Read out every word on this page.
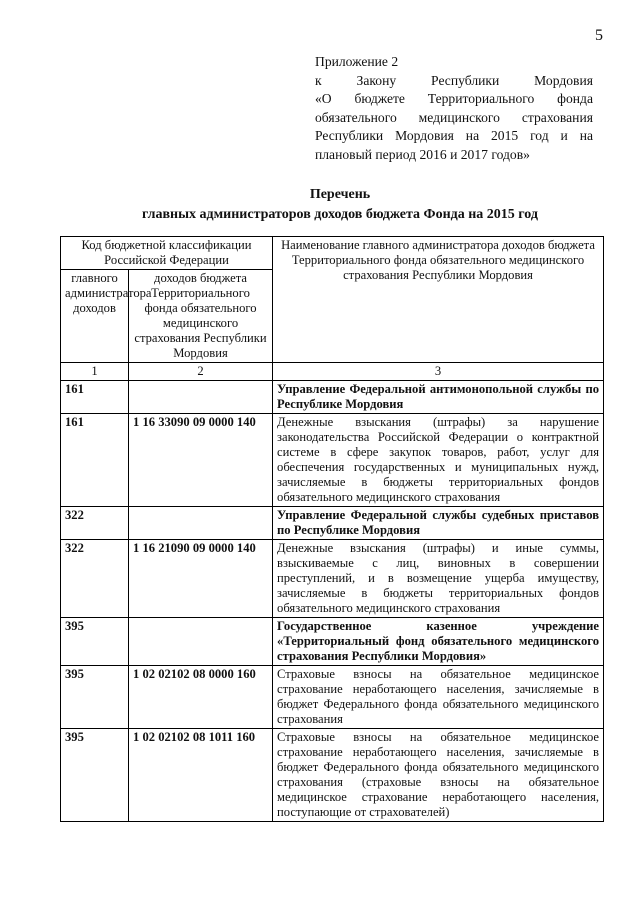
5
Приложение 2
к Закону Республики Мордовия
«О бюджете Территориального фонда
обязательного медицинского страхования
Республики Мордовия на 2015 год и на
плановый период 2016 и 2017 годов»
Перечень
главных администраторов доходов бюджета Фонда на 2015 год
Код бюджетной классификации Российской Федерации		Наименование главного администратора доходов бюджета Территориального фонда обязательного медицинского страхования Республики Мордовия
главного администратора доходов	доходов бюджета Территориального фонда обязательного медицинского страхования Республики Мордовия	
1	2	3
161		Управление Федеральной антимонопольной службы по Республике Мордовия
161	1 16 33090 09 0000 140	Денежные взыскания (штрафы) за нарушение законодательства Российской Федерации о контрактной системе в сфере закупок товаров, работ, услуг для обеспечения государственных и муниципальных нужд, зачисляемые в бюджеты территориальных фондов обязательного медицинского страхования
322		Управление Федеральной службы судебных приставов по Республике Мордовия
322	1 16 21090 09 0000 140	Денежные взыскания (штрафы) и иные суммы, взыскиваемые с лиц, виновных в совершении преступлений, и в возмещение ущерба имуществу, зачисляемые в бюджеты территориальных фондов обязательного медицинского страхования
395		Государственное казенное учреждение «Территориальный фонд обязательного медицинского страхования Республики Мордовия»
395	1 02 02102 08 0000 160	Страховые взносы на обязательное медицинское страхование неработающего населения, зачисляемые в бюджет Федерального фонда обязательного медицинского страхования
395	1 02 02102 08 1011 160	Страховые взносы на обязательное медицинское страхование неработающего населения, зачисляемые в бюджет Федерального фонда обязательного медицинского страхования (страховые взносы на обязательное медицинское страхование неработающего населения, поступающие от страхователей)
